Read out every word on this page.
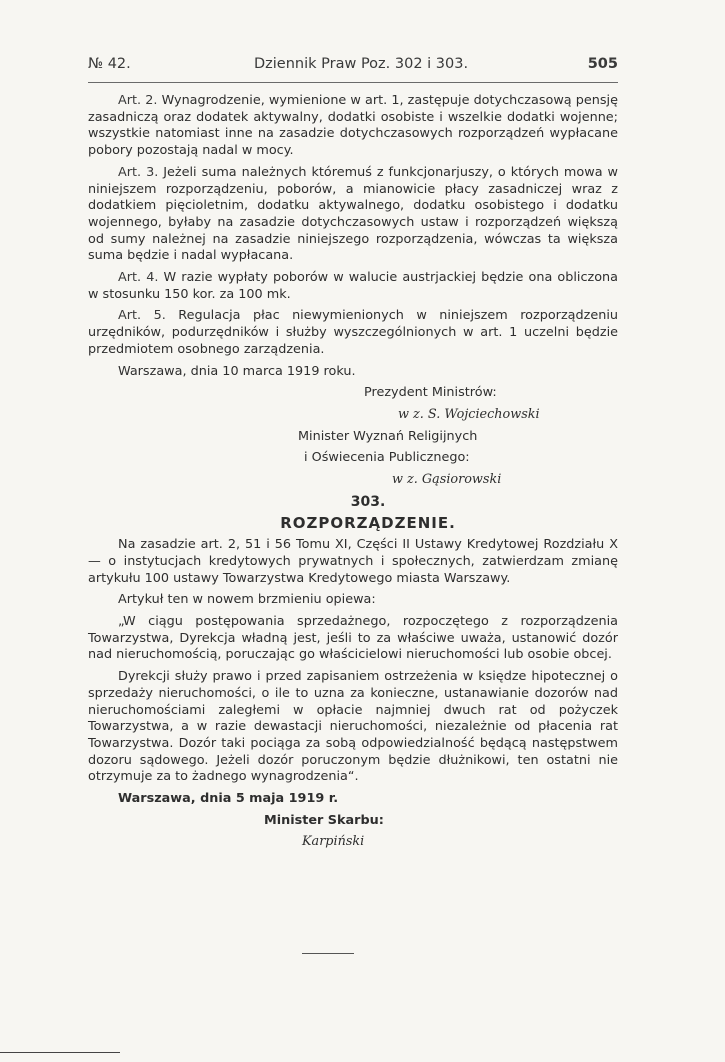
№ 42.	Dziennik Praw Poz. 302 i 303.	505

Art. 2. Wynagrodzenie, wymienione w art. 1, zastępuje dotychczasową pensję zasadniczą oraz dodatek aktywalny, dodatki osobiste i wszelkie dodatki wojenne; wszystkie natomiast inne na zasadzie dotychczasowych rozporządzeń wypłacane pobory pozostają nadal w mocy.

Art. 3. Jeżeli suma należnych któremuś z funkcjonarjuszy, o których mowa w niniejszem rozporządzeniu, poborów, a mianowicie płacy zasadniczej wraz z dodatkiem pięcioletnim, dodatku aktywalnego, dodatku osobistego i dodatku wojennego, byłaby na zasadzie dotychczasowych ustaw i rozporządzeń większą od sumy należnej na zasadzie niniejszego rozporządzenia, wówczas ta większa suma będzie i nadal wypłacana.

Art. 4. W razie wypłaty poborów w walucie austrjackiej będzie ona obliczona w stosunku 150 kor. za 100 mk.

Art. 5. Regulacja płac niewymienionych w niniejszem rozporządzeniu urzędników, podurzędników i służby wyszczególnionych w art. 1 uczelni będzie przedmiotem osobnego zarządzenia.

Warszawa, dnia 10 marca 1919 roku.

Prezydent Ministrów:

w z. S. Wojciechowski

Minister Wyznań Religijnych

i Oświecenia Publicznego:

w z. Gąsiorowski

303.

ROZPORZĄDZENIE.

Na zasadzie art. 2, 51 i 56 Tomu XI, Części II Ustawy Kredytowej Rozdziału X — o instytucjach kredytowych prywatnych i społecznych, zatwierdzam zmianę artykułu 100 ustawy Towarzystwa Kredytowego miasta Warszawy.

Artykuł ten w nowem brzmieniu opiewa:

„W ciągu postępowania sprzedażnego, rozpoczętego z rozporządzenia Towarzystwa, Dyrekcja władną jest, jeśli to za właściwe uważa, ustanowić dozór nad nieruchomością, poruczając go właścicielowi nieruchomości lub osobie obcej.

Dyrekcji służy prawo i przed zapisaniem ostrzeżenia w księdze hipotecznej o sprzedaży nieruchomości, o ile to uzna za konieczne, ustanawianie dozorów nad nieruchomościami zaległemi w opłacie najmniej dwuch rat od pożyczek Towarzystwa, a w razie dewastacji nieruchomości, niezależnie od płacenia rat Towarzystwa. Dozór taki pociąga za sobą odpowiedzialność będącą następstwem dozoru sądowego. Jeżeli dozór poruczonym będzie dłużnikowi, ten ostatni nie otrzymuje za to żadnego wynagrodzenia“.

Warszawa, dnia 5 maja 1919 r.

Minister Skarbu:

Karpiński
